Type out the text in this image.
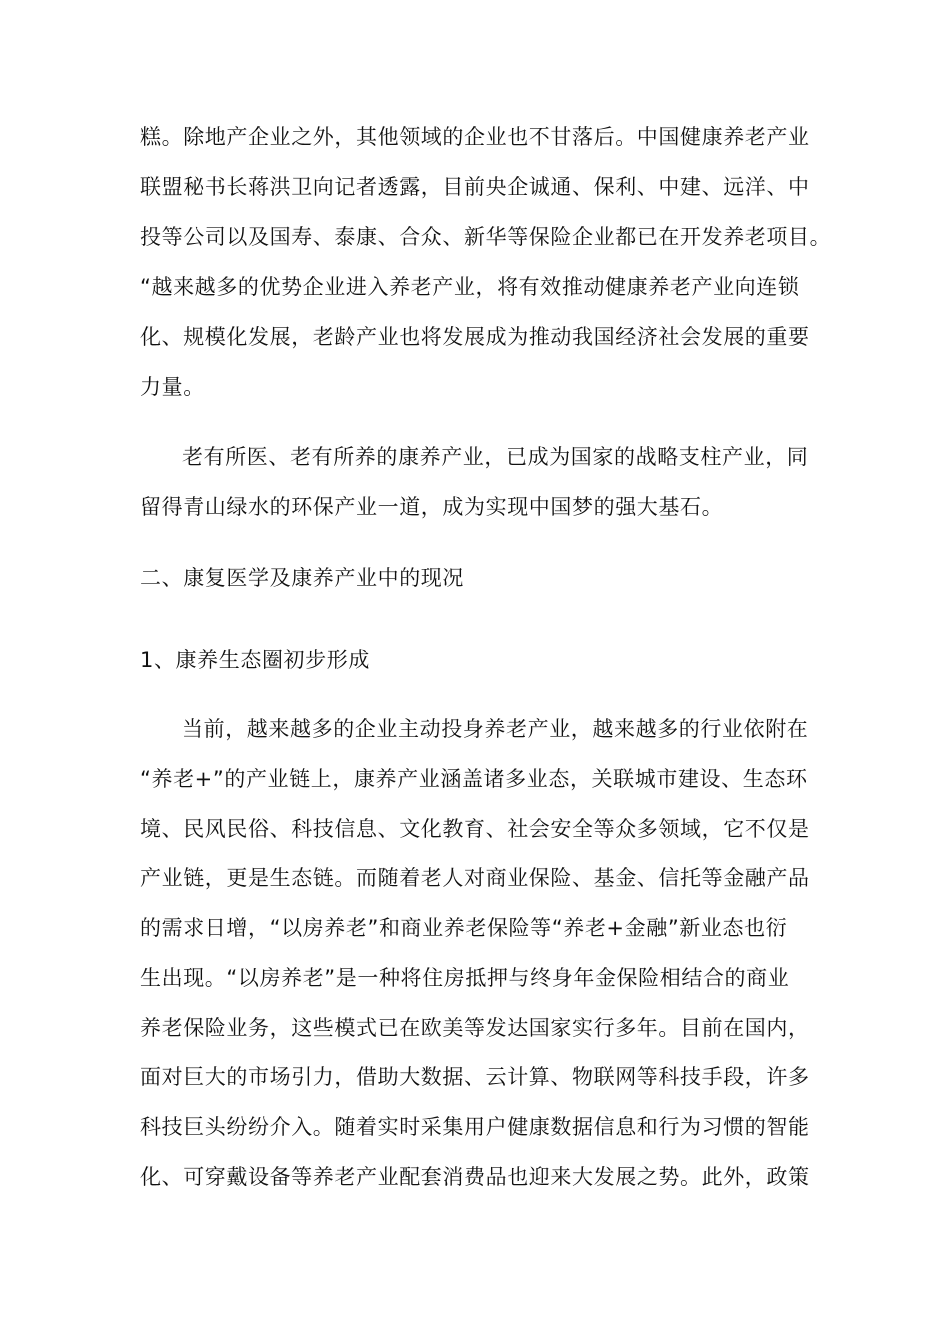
糕。除地产企业之外，其他领域的企业也不甘落后。中国健康养老产业
联盟秘书长蒋洪卫向记者透露，目前央企诚通、保利、中建、远洋、中
投等公司以及国寿、泰康、合众、新华等保险企业都已在开发养老项目。
“越来越多的优势企业进入养老产业，将有效推动健康养老产业向连锁
化、规模化发展，老龄产业也将发展成为推动我国经济社会发展的重要
力量。
老有所医、老有所养的康养产业，已成为国家的战略支柱产业，同
留得青山绿水的环保产业一道，成为实现中国梦的强大基石。
二、康复医学及康养产业中的现况
1、康养生态圈初步形成
当前，越来越多的企业主动投身养老产业，越来越多的行业依附在
“养老+”的产业链上，康养产业涵盖诸多业态，关联城市建设、生态环
境、民风民俗、科技信息、文化教育、社会安全等众多领域，它不仅是
产业链，更是生态链。而随着老人对商业保险、基金、信托等金融产品
的需求日增，“以房养老”和商业养老保险等“养老+金融”新业态也衍
生出现。“以房养老”是一种将住房抵押与终身年金保险相结合的商业
养老保险业务，这些模式已在欧美等发达国家实行多年。目前在国内，
面对巨大的市场引力，借助大数据、云计算、物联网等科技手段，许多
科技巨头纷纷介入。随着实时采集用户健康数据信息和行为习惯的智能
化、可穿戴设备等养老产业配套消费品也迎来大发展之势。此外，政策
